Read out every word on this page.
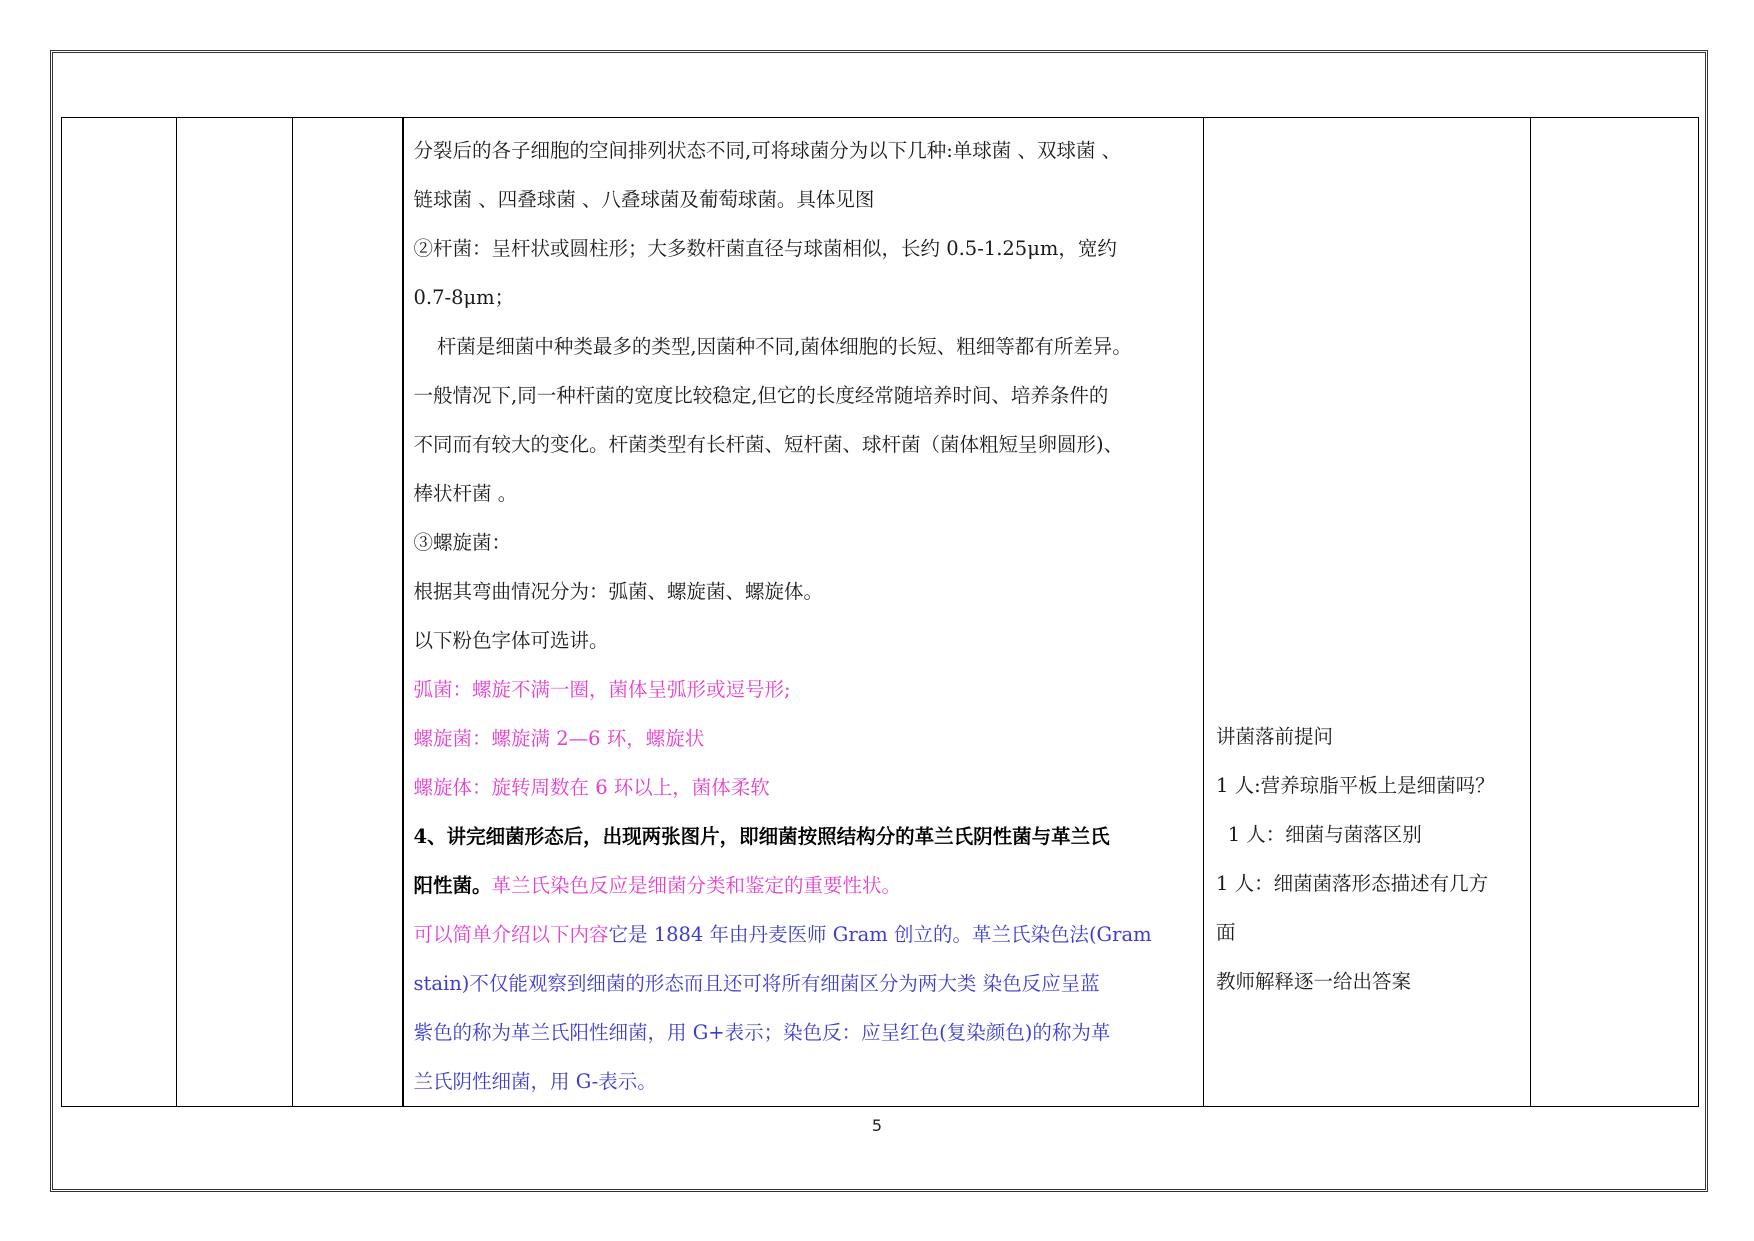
分裂后的各子细胞的空间排列状态不同,可将球菌分为以下几种:单球菌 、双球菌 、

链球菌 、四叠球菌 、八叠球菌及葡萄球菌。具体见图

②杆菌：呈杆状或圆柱形；大多数杆菌直径与球菌相似，长约 0.5-1.25μm，宽约

0.7-8μm；

杆菌是细菌中种类最多的类型,因菌种不同,菌体细胞的长短、粗细等都有所差异。

一般情况下,同一种杆菌的宽度比较稳定,但它的长度经常随培养时间、培养条件的

不同而有较大的变化。杆菌类型有长杆菌、短杆菌、球杆菌（菌体粗短呈卵圆形)、

棒状杆菌 。

③螺旋菌：

根据其弯曲情况分为：弧菌、螺旋菌、螺旋体。

以下粉色字体可选讲。

弧菌：螺旋不满一圈，菌体呈弧形或逗号形;

螺旋菌：螺旋满 2—6 环，螺旋状

螺旋体：旋转周数在 6 环以上，菌体柔软

4、讲完细菌形态后，出现两张图片，即细菌按照结构分的革兰氏阴性菌与革兰氏

阳性菌。革兰氏染色反应是细菌分类和鉴定的重要性状。

可以简单介绍以下内容它是 1884 年由丹麦医师 Gram 创立的。革兰氏染色法(Gram

stain)不仅能观察到细菌的形态而且还可将所有细菌区分为两大类 染色反应呈蓝

紫色的称为革兰氏阳性细菌，用 G+表示；染色反：应呈红色(复染颜色)的称为革

兰氏阴性细菌，用 G-表示。

讲菌落前提问

1 人:营养琼脂平板上是细菌吗？

1 人：细菌与菌落区别

1 人：细菌菌落形态描述有几方

面

教师解释逐一给出答案

5
